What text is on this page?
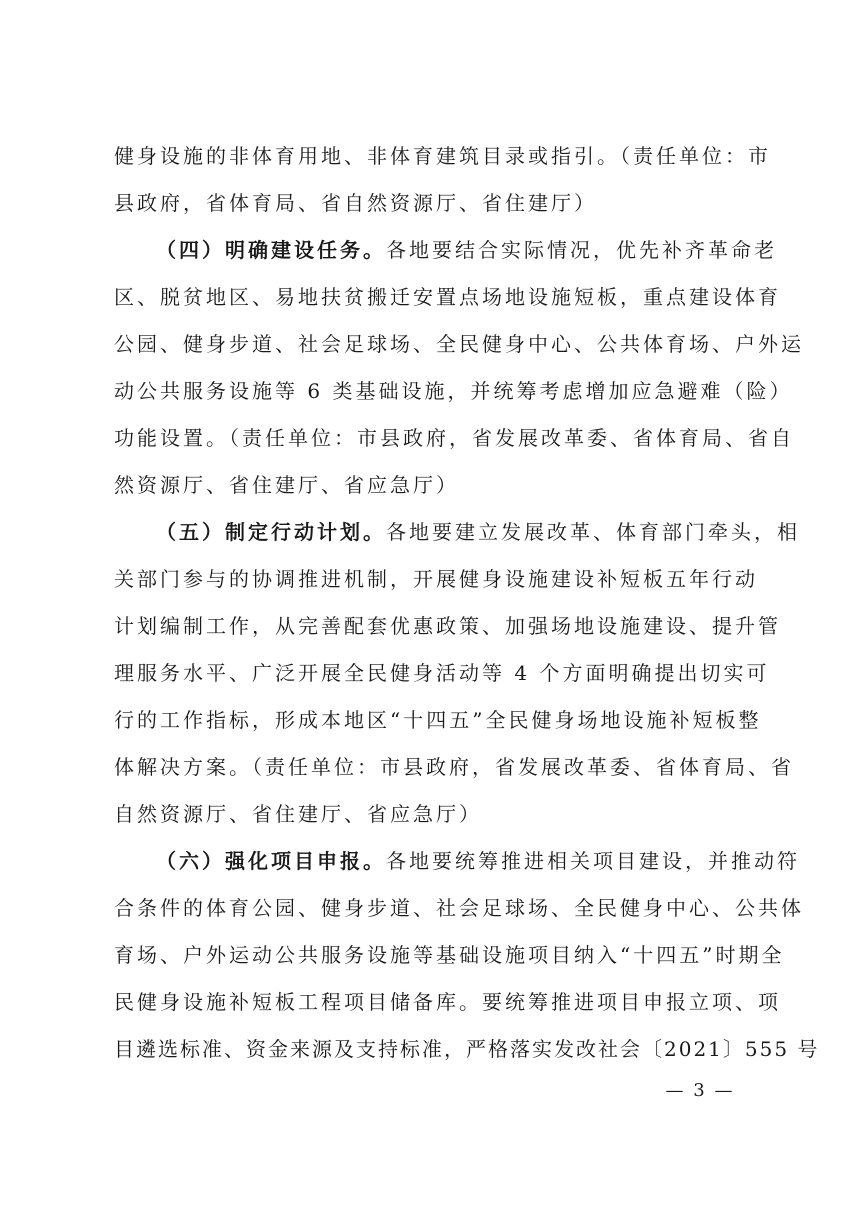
健身设施的非体育用地、非体育建筑目录或指引。（责任单位：市
县政府，省体育局、省自然资源厅、省住建厅）
（四）明确建设任务。各地要结合实际情况，优先补齐革命老
区、脱贫地区、易地扶贫搬迁安置点场地设施短板，重点建设体育
公园、健身步道、社会足球场、全民健身中心、公共体育场、户外运
动公共服务设施等 6 类基础设施，并统筹考虑增加应急避难（险）
功能设置。（责任单位：市县政府，省发展改革委、省体育局、省自
然资源厅、省住建厅、省应急厅）
（五）制定行动计划。各地要建立发展改革、体育部门牵头，相
关部门参与的协调推进机制，开展健身设施建设补短板五年行动
计划编制工作，从完善配套优惠政策、加强场地设施建设、提升管
理服务水平、广泛开展全民健身活动等 4 个方面明确提出切实可
行的工作指标，形成本地区“十四五”全民健身场地设施补短板整
体解决方案。（责任单位：市县政府，省发展改革委、省体育局、省
自然资源厅、省住建厅、省应急厅）
（六）强化项目申报。各地要统筹推进相关项目建设，并推动符
合条件的体育公园、健身步道、社会足球场、全民健身中心、公共体
育场、户外运动公共服务设施等基础设施项目纳入“十四五”时期全
民健身设施补短板工程项目储备库。要统筹推进项目申报立项、项
目遴选标准、资金来源及支持标准，严格落实发改社会〔2021〕555 号
— 3 —
